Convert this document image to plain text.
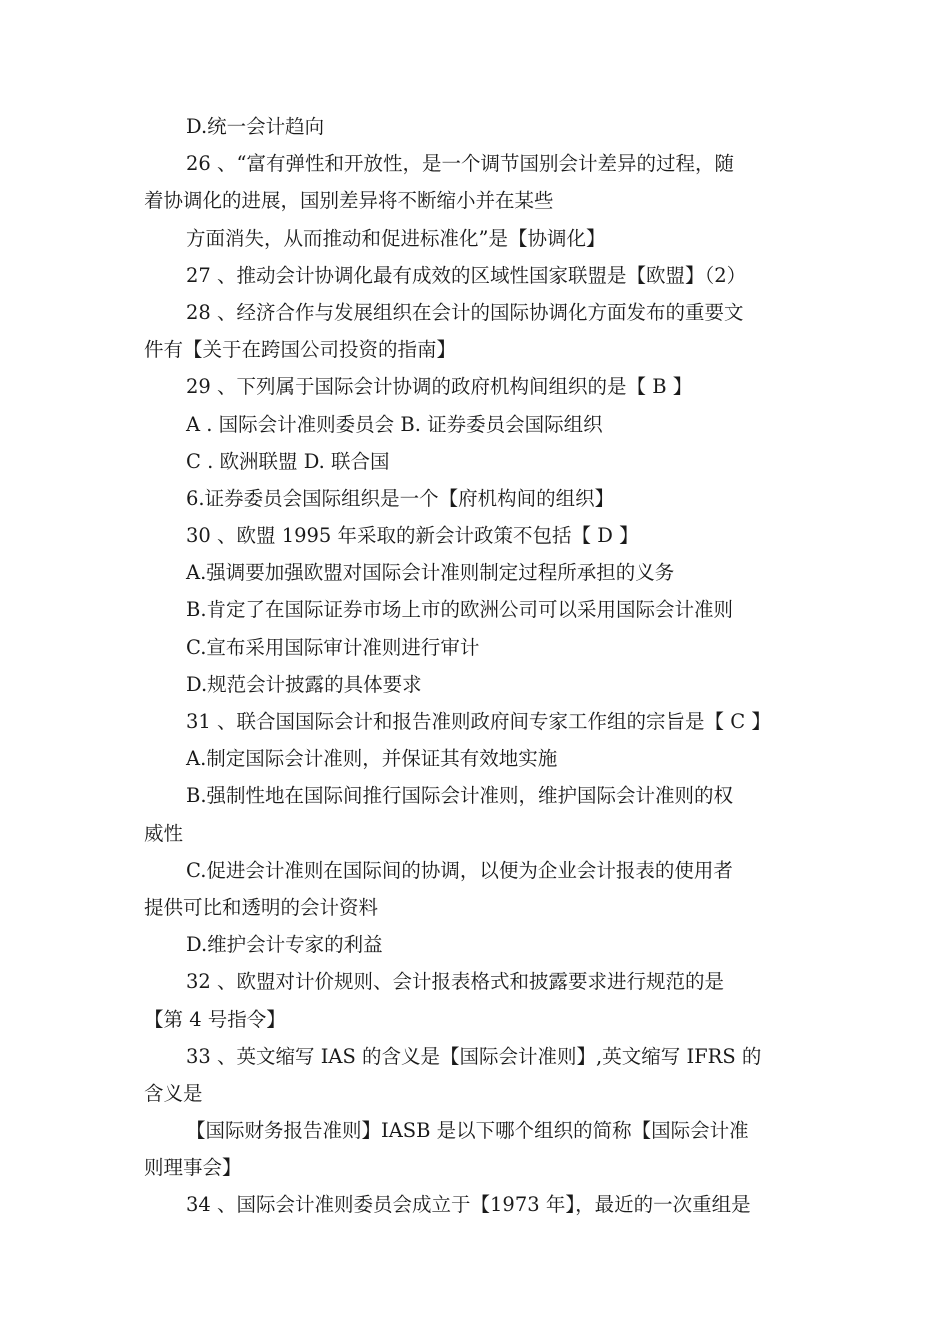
D.统一会计趋向
26 、“富有弹性和开放性，是一个调节国别会计差异的过程，随
着协调化的进展，国别差异将不断缩小并在某些
方面消失，从而推动和促进标准化”是【协调化】
27 、推动会计协调化最有成效的区域性国家联盟是【欧盟】（2）
28 、经济合作与发展组织在会计的国际协调化方面发布的重要文
件有【关于在跨国公司投资的指南】
29 、下列属于国际会计协调的政府机构间组织的是【 B 】
A . 国际会计准则委员会 B. 证券委员会国际组织
C . 欧洲联盟 D. 联合国
6.证券委员会国际组织是一个【府机构间的组织】
30 、欧盟 1995 年采取的新会计政策不包括【 D 】
A.强调要加强欧盟对国际会计准则制定过程所承担的义务
B.肯定了在国际证券市场上市的欧洲公司可以采用国际会计准则
C.宣布采用国际审计准则进行审计
D.规范会计披露的具体要求
31 、联合国国际会计和报告准则政府间专家工作组的宗旨是【 C 】
A.制定国际会计准则，并保证其有效地实施
B.强制性地在国际间推行国际会计准则，维护国际会计准则的权
威性
C.促进会计准则在国际间的协调，以便为企业会计报表的使用者
提供可比和透明的会计资料
D.维护会计专家的利益
32 、欧盟对计价规则、会计报表格式和披露要求进行规范的是
【第 4 号指令】
33 、英文缩写 IAS 的含义是【国际会计准则】,英文缩写 IFRS 的
含义是
【国际财务报告准则】IASB 是以下哪个组织的简称【国际会计准
则理事会】
34 、国际会计准则委员会成立于【1973 年】，最近的一次重组是
